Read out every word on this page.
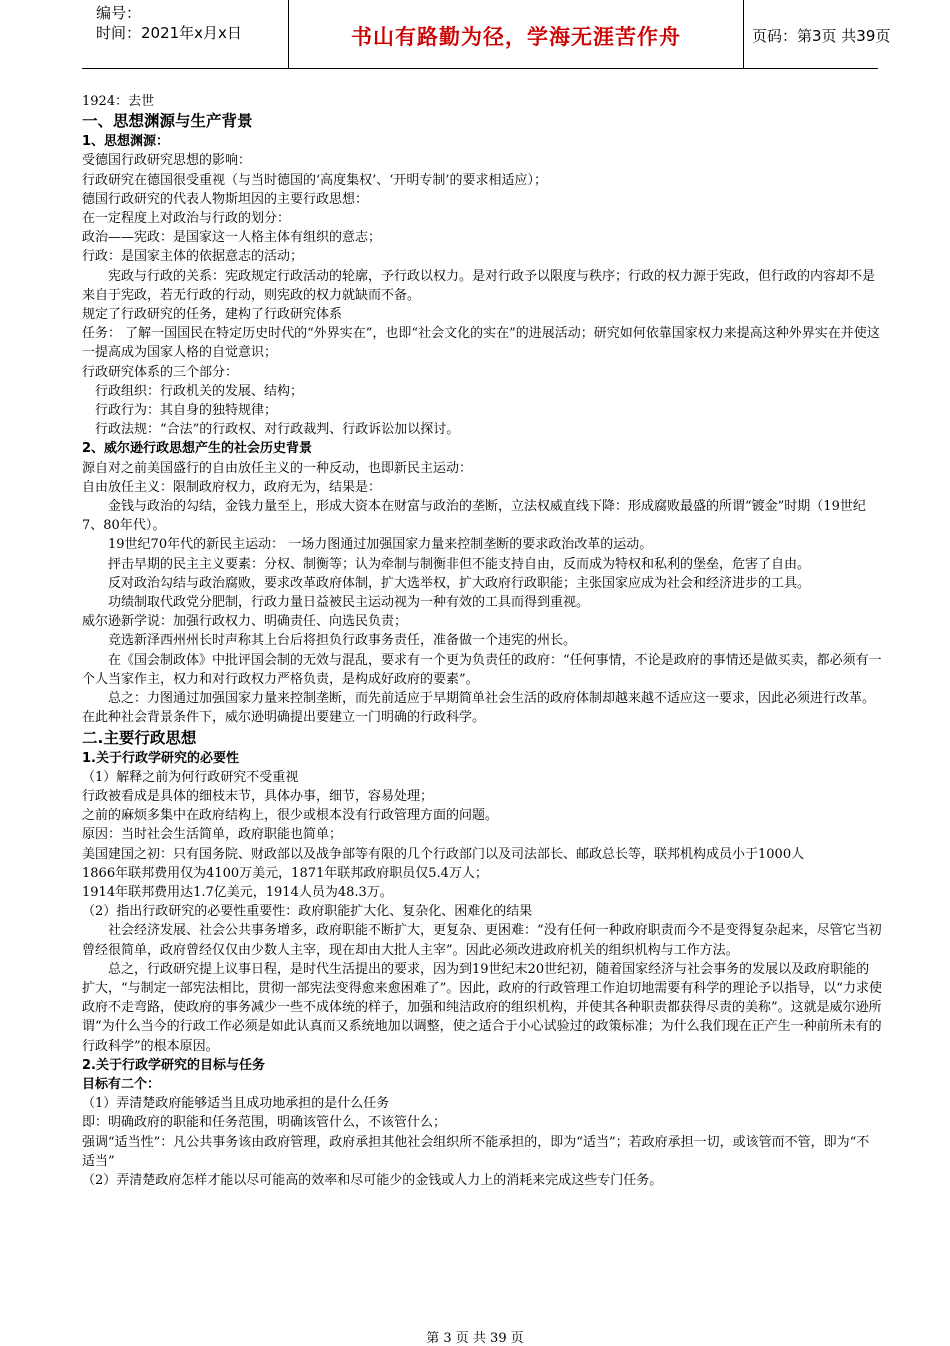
编号：
时间：2021年x月x日	书山有路勤为径，学海无涯苦作舟	页码：第3页 共39页

1924：去世

一、思想渊源与生产背景

1、思想渊源：

受德国行政研究思想的影响：

行政研究在德国很受重视（与当时德国的‘高度集权’、‘开明专制’的要求相适应）；

德国行政研究的代表人物斯坦因的主要行政思想：

在一定程度上对政治与行政的划分：

政治——宪政：是国家这一人格主体有组织的意志；

行政：是国家主体的依据意志的活动；

宪政与行政的关系：宪政规定行政活动的轮廓，予行政以权力。是对行政予以限度与秩序；行政的权力源于宪政，但行政的内容却不是来自于宪政，若无行政的行动，则宪政的权力就缺而不备。

规定了行政研究的任务，建构了行政研究体系

任务： 了解一国国民在特定历史时代的“外界实在”，也即“社会文化的实在”的进展活动；研究如何依靠国家权力来提高这种外界实在并使这一提高成为国家人格的自觉意识；

行政研究体系的三个部分：

行政组织：行政机关的发展、结构；

行政行为：其自身的独特规律；

行政法规：“合法”的行政权、对行政裁判、行政诉讼加以探讨。

2、威尔逊行政思想产生的社会历史背景

源自对之前美国盛行的自由放任主义的一种反动，也即新民主运动：

自由放任主义：限制政府权力，政府无为，结果是：

金钱与政治的勾结，金钱力量至上，形成大资本在财富与政治的垄断，立法权威直线下降：形成腐败最盛的所谓“镀金”时期（19世纪7、80年代）。

19世纪70年代的新民主运动： 一场力图通过加强国家力量来控制垄断的要求政治改革的运动。

抨击早期的民主主义要素：分权、制衡等；认为牵制与制衡非但不能支持自由，反而成为特权和私利的堡垒，危害了自由。

反对政治勾结与政治腐败，要求改革政府体制，扩大选举权，扩大政府行政职能；主张国家应成为社会和经济进步的工具。

功绩制取代政党分肥制，行政力量日益被民主运动视为一种有效的工具而得到重视。

威尔逊新学说：加强行政权力、明确责任、向选民负责；

竞选新泽西州州长时声称其上台后将担负行政事务责任，准备做一个违宪的州长。

在《国会制政体》中批评国会制的无效与混乱，要求有一个更为负责任的政府：“任何事情，不论是政府的事情还是做买卖，都必须有一个人当家作主，权力和对行政权力严格负责，是构成好政府的要素”。

总之：力图通过加强国家力量来控制垄断，而先前适应于早期简单社会生活的政府体制却越来越不适应这一要求，因此必须进行改革。在此种社会背景条件下，威尔逊明确提出要建立一门明确的行政科学。

二.主要行政思想

1.关于行政学研究的必要性

（1）解释之前为何行政研究不受重视

行政被看成是具体的细枝末节，具体办事，细节，容易处理；

之前的麻烦多集中在政府结构上，很少或根本没有行政管理方面的问题。

原因：当时社会生活简单，政府职能也简单；

美国建国之初：只有国务院、财政部以及战争部等有限的几个行政部门以及司法部长、邮政总长等，联邦机构成员小于1000人

1866年联邦费用仅为4100万美元，1871年联邦政府职员仅5.4万人；

1914年联邦费用达1.7亿美元，1914人员为48.3万。

（2）指出行政研究的必要性重要性：政府职能扩大化、复杂化、困难化的结果

社会经济发展、社会公共事务增多，政府职能不断扩大，更复杂、更困难：“没有任何一种政府职责而今不是变得复杂起来，尽管它当初曾经很简单，政府曾经仅仅由少数人主宰，现在却由大批人主宰”。因此必须改进政府机关的组织机构与工作方法。

总之，行政研究提上议事日程，是时代生活提出的要求，因为到19世纪末20世纪初，随着国家经济与社会事务的发展以及政府职能的扩大，“与制定一部宪法相比，贯彻一部宪法变得愈来愈困难了”。因此，政府的行政管理工作迫切地需要有科学的理论予以指导，以“力求使政府不走弯路，使政府的事务减少一些不成体统的样子，加强和纯洁政府的组织机构，并使其各种职责都获得尽责的美称”。这就是威尔逊所谓“为什么当今的行政工作必须是如此认真而又系统地加以调整，使之适合于小心试验过的政策标准；为什么我们现在正产生一种前所未有的行政科学”的根本原因。

2.关于行政学研究的目标与任务

目标有二个：

（1）弄清楚政府能够适当且成功地承担的是什么任务

即：明确政府的职能和任务范围，明确该管什么，不该管什么；

强调“适当性”：凡公共事务该由政府管理，政府承担其他社会组织所不能承担的，即为“适当”；若政府承担一切，或该管而不管，即为“不适当”

（2）弄清楚政府怎样才能以尽可能高的效率和尽可能少的金钱或人力上的消耗来完成这些专门任务。

第 3 页 共 39 页
